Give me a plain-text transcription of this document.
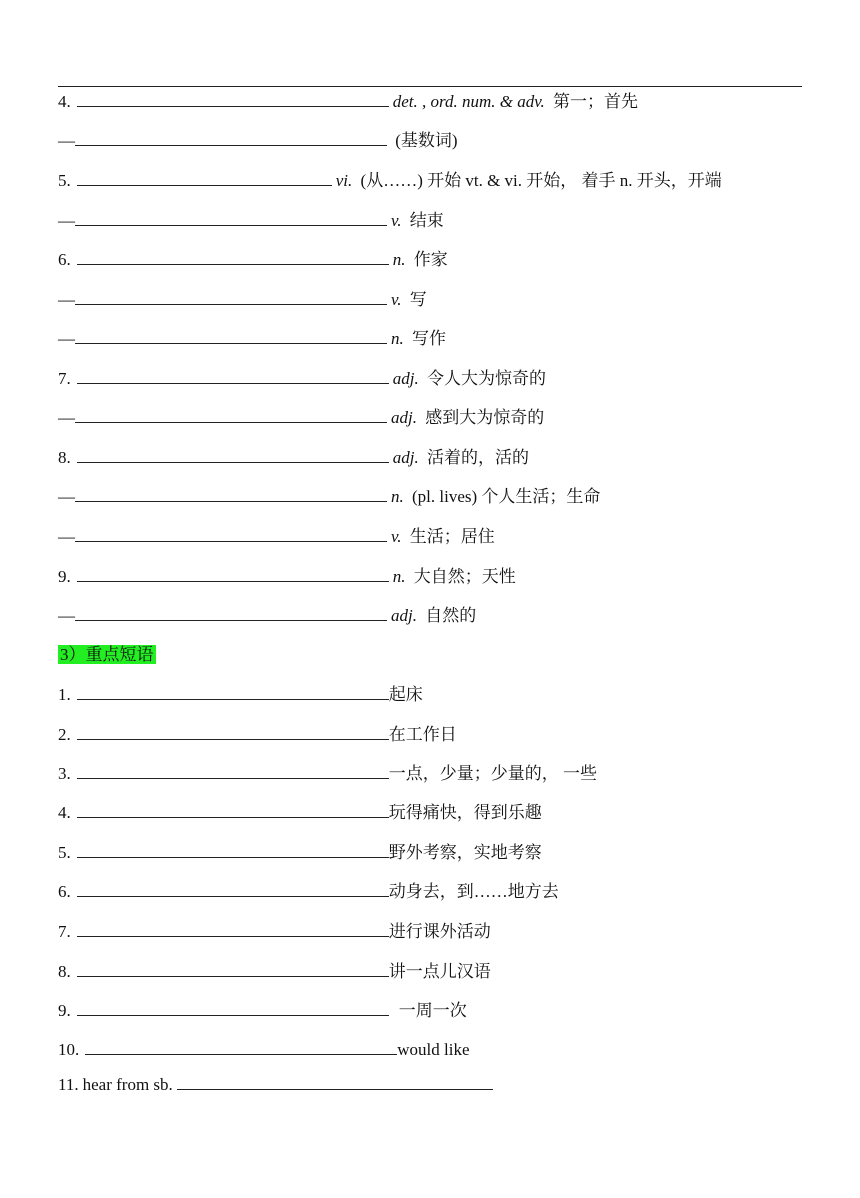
4.	det. , ord. num. & adv. 第一；首先
—	(基数词)
5.	vi. (从……) 开始 vt. & vi. 开始， 着手 n. 开头，开端
—	v. 结束
6.	n. 作家
—	v. 写
—	n. 写作
7.	adj. 令人大为惊奇的
—	adj. 感到大为惊奇的
8.	adj. 活着的，活的
—	n. (pl. lives) 个人生活；生命
—	v. 生活；居住
9.	n. 大自然；天性
—	adj. 自然的
3）重点短语
1.	起床
2.	在工作日
3.	一点，少量；少量的， 一些
4.	玩得痛快，得到乐趣
5.	野外考察，实地考察
6.	动身去，到……地方去
7.	进行课外活动
8.	讲一点儿汉语
9.	一周一次
10.	would like
11. hear from sb.
